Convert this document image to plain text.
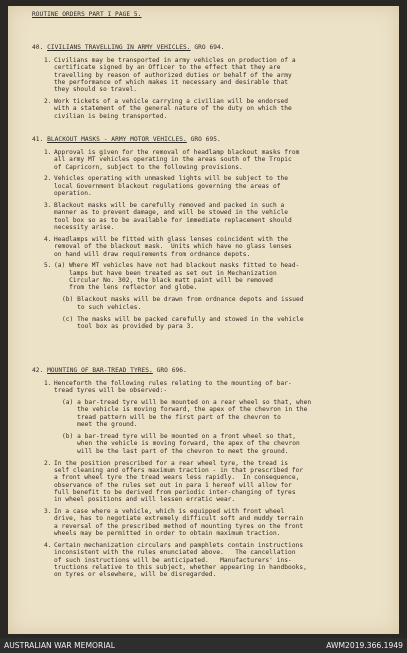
ROUTINE ORDERS PART I PAGE 5.
40. CIVILIANS TRAVELLING IN ARMY VEHICLES. GRO 694.
1. Civilians may be transported in army vehicles on production of a
certificate signed by an Officer to the effect that they are
travelling by reason of authorized duties or behalf of the army
the performance of which makes it necessary and desirable that
they should so travel.
2. Work tickets of a vehicle carrying a civilian will be endorsed
with a statement of the general nature of the duty on which the
civilian is being transported.
41. BLACKOUT MASKS - ARMY MOTOR VEHICLES. GRO 695.
1. Approval is given for the removal of headlamp blackout masks from
all army MT vehicles operating in the areas south of the Tropic
of Capricorn, subject to the following provisions.
2. Vehicles operating with unmasked lights will be subject to the
local Government blackout regulations governing the areas of
operation.
3. Blackout masks will be carefully removed and packed in such a
manner as to prevent damage, and will be stowed in the vehicle
tool box so as to be available for immediate replacement should
necessity arise.
4. Headlamps will be fitted with glass lenses coincident with the
removal of the blackout mask.  Units which have no glass lenses
on hand will draw requirements from ordnance depots.
5. (a) Where MT vehicles have not had blackout masks fitted to head-
lamps but have been treated as set out in Mechanization
Circular No. 302, the black matt paint will be removed
from the lens reflector and globe.
(b) Blackout masks will be drawn from ordnance depots and issued
to such vehicles.
(c) The masks will be packed carefully and stowed in the vehicle
tool box as provided by para 3.
42. MOUNTING OF BAR-TREAD TYRES. GRO 696.
1. Henceforth the following rules relating to the mounting of bar-
tread tyres will be observed:-
(a) a bar-tread tyre will be mounted on a rear wheel so that, when
the vehicle is moving forward, the apex of the chevron in the
tread pattern will be the first part of the chevron to
meet the ground.
(b) a bar-tread tyre will be mounted on a front wheel so that,
when the vehicle is moving forward, the apex of the chevron
will be the last part of the chevron to meet the ground.
2. In the position prescribed for a rear wheel tyre, the tread is
self cleaning and offers maximum traction - in that prescribed for
a front wheel tyre the tread wears less rapidly.  In consequence,
observance of the rules set out in para 1 hereof will allow for
full benefit to be derived from periodic inter-changing of tyres
in wheel positions and will lessen erratic wear.
3. In a case where a vehicle, which is equipped with front wheel
drive, has to negotiate extremely difficult soft and muddy terrain
a reversal of the prescribed method of mounting tyres on the front
wheels may be permitted in order to obtain maximum traction.
4. Certain mechanization circulars and pamphlets contain instructions
inconsistent with the rules enunciated above.   The cancellation
of such instructions will be anticipated.   Manufacturers' ins-
tructions relative to this subject, whether appearing in handbooks,
on tyres or elsewhere, will be disregarded.
AUSTRALIAN WAR MEMORIAL	AWM2019.366.1949
